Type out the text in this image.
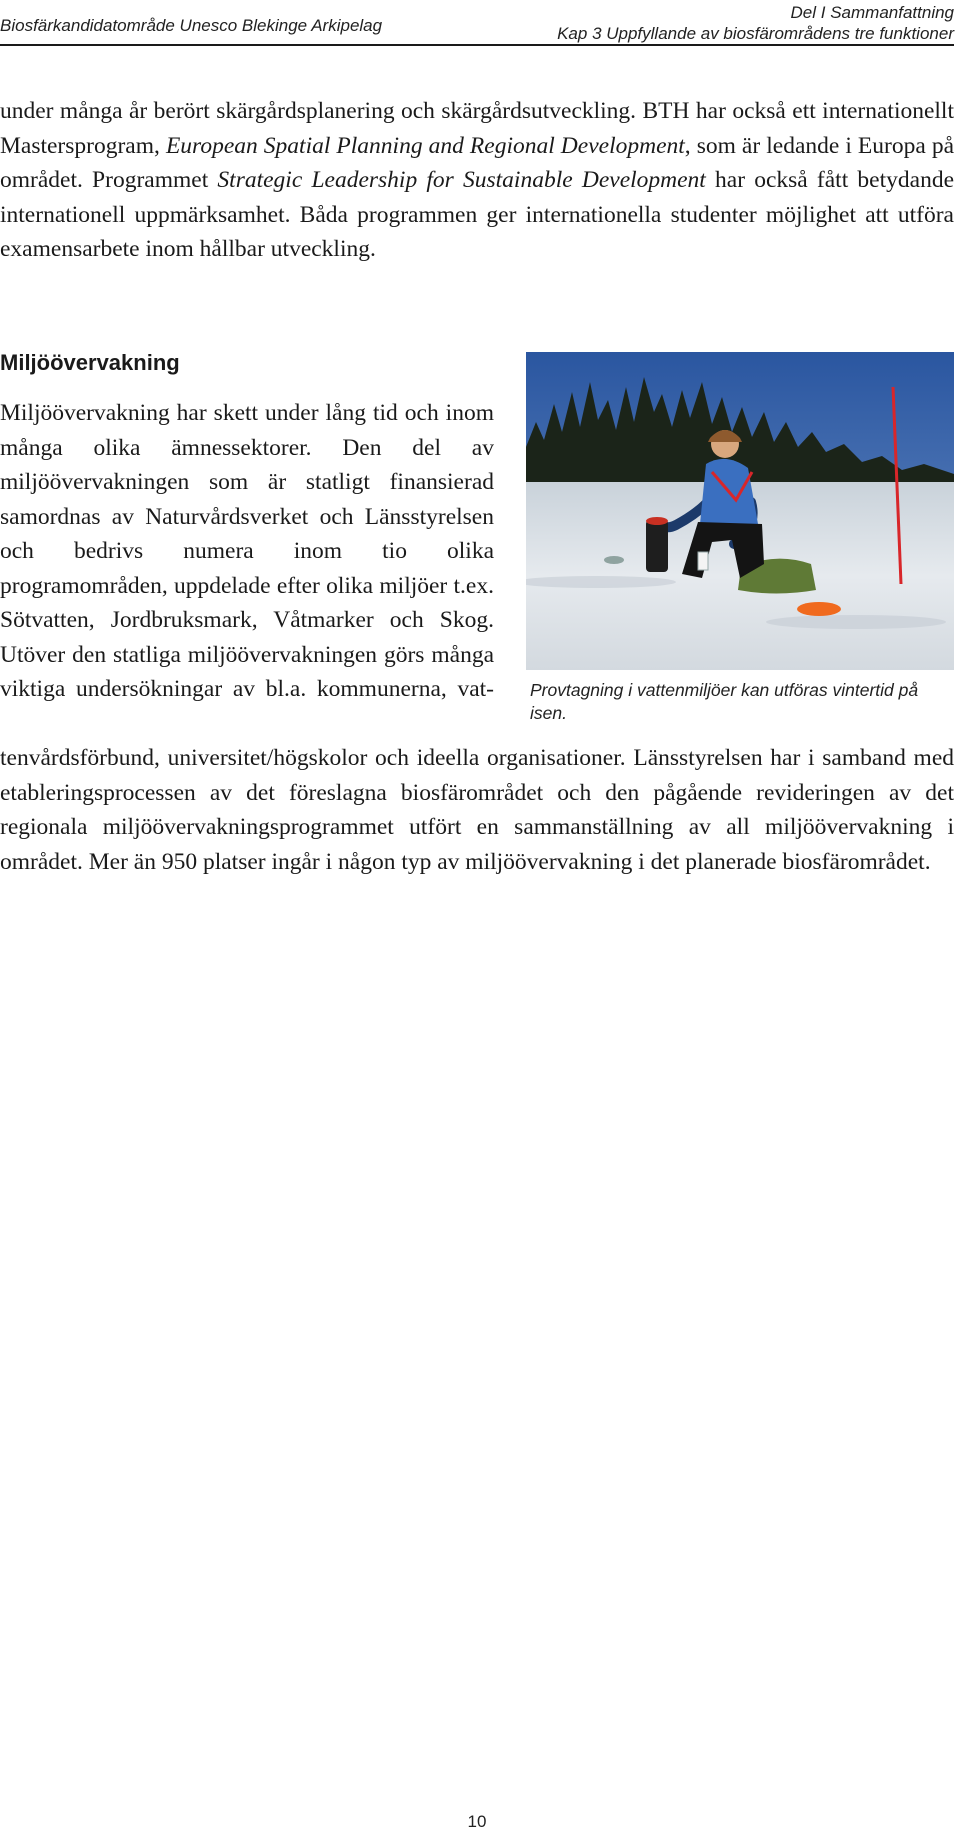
Biosfärkandidatområde Unesco Blekinge Arkipelag
Del I Sammanfattning
Kap 3 Uppfyllande av biosfärområdens tre funktioner

under många år berört skärgårdsplanering och skärgårdsutveckling. BTH har också ett internationellt Mastersprogram, European Spatial Planning and Regional Development, som är ledande i Europa på området. Programmet Strategic Leadership for Sustainable Development har också fått betydande internationell uppmärksamhet. Båda programmen ger internationella studenter möjlighet att utföra examensarbete inom hållbar utveckling.

Miljöövervakning

Miljöövervakning har skett under lång tid och inom många olika ämnessektorer. Den del av miljöövervakningen som är statligt finansierad samordnas av Naturvårdsverket och Länsstyrelsen och bedrivs numera inom tio olika programområden, uppdelade efter olika miljöer t.ex. Sötvatten, Jordbruksmark, Våtmarker och Skog. Utöver den statliga miljöövervakningen görs många viktiga undersökningar av bl.a. kommunerna, vat- Provtagning i vattenmiljöer kan utföras vintertid på isen.

tenvårdsförbund, universitet/högskolor och ideella organisationer. Länsstyrelsen har i samband med etableringsprocessen av det föreslagna biosfärområdet och den pågående revideringen av det regionala miljöövervakningsprogrammet utfört en sammanställning av all miljöövervakning i området. Mer än 950 platser ingår i någon typ av miljöövervakning i det planerade biosfärområdet.

10
